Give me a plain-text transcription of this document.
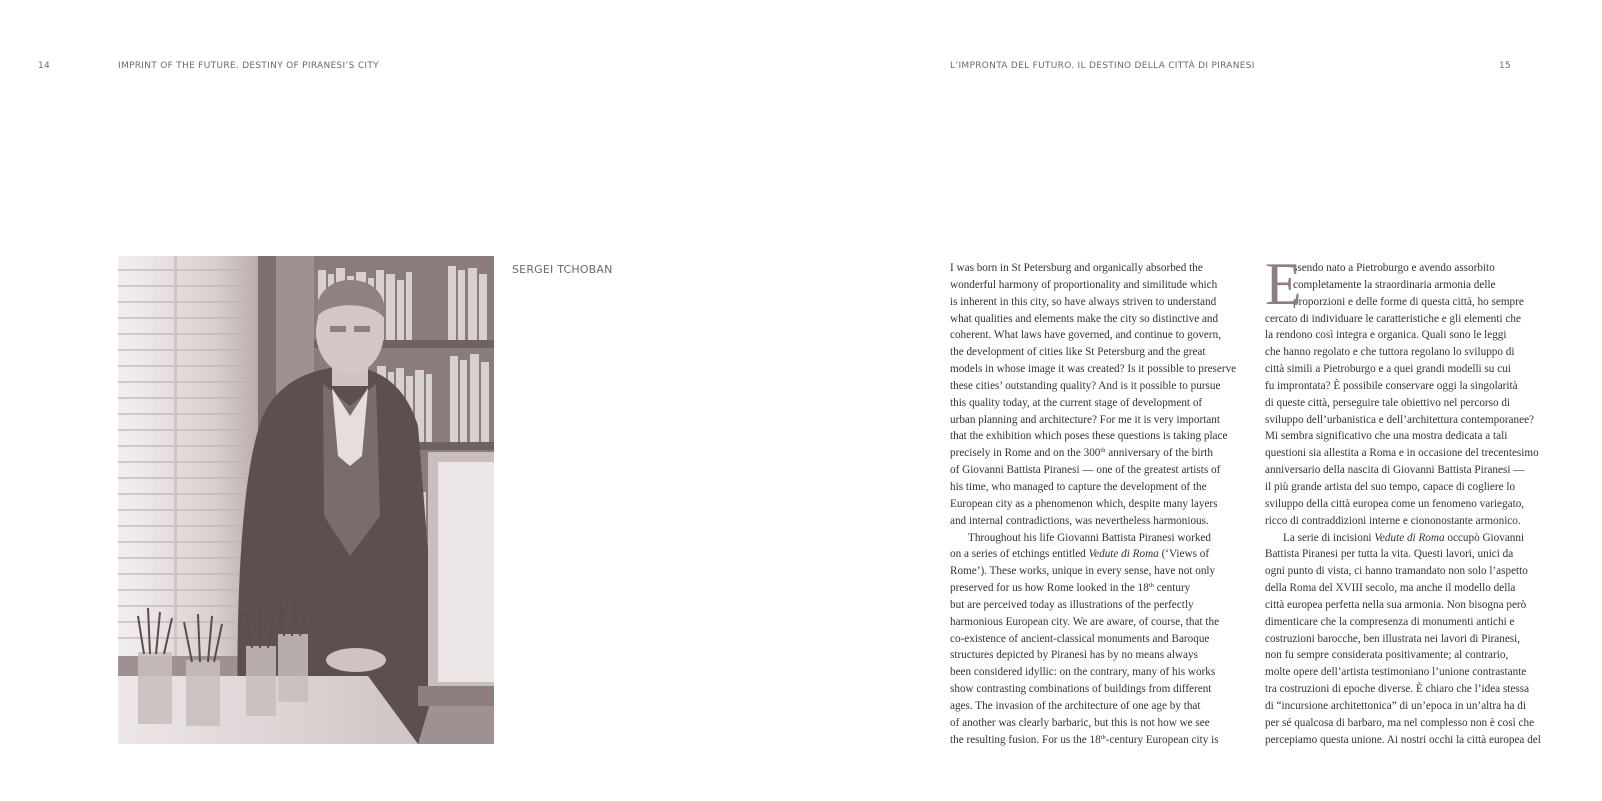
14	IMPRINT OF THE FUTURE. DESTINY OF PIRANESI’S CITY	L’IMPRONTA DEL FUTURO. IL DESTINO DELLA CITTÀ DI PIRANESI	15
SERGEI TCHOBAN	I was born in St Petersburg and organically absorbed the
wonderful harmony of proportionality and similitude which
is inherent in this city, so have always striven to understand
what qualities and elements make the city so distinctive and
coherent. What laws have governed, and continue to govern,
the development of cities like St Petersburg and the great
models in whose image it was created? Is it possible to preserve
these cities’ outstanding quality? And is it possible to pursue
this quality today, at the current stage of development of
urban planning and architecture? For me it is very important
that the exhibition which poses these questions is taking place
precisely in Rome and on the 300th anniversary of the birth
of Giovanni Battista Piranesi — one of the greatest artists of
his time, who managed to capture the development of the
European city as a phenomenon which, despite many layers
and internal contradictions, was nevertheless harmonious.
Throughout his life Giovanni Battista Piranesi worked
on a series of etchings entitled Vedute di Roma (‘Views of
Rome’). These works, unique in every sense, have not only
preserved for us how Rome looked in the 18th century
but are perceived today as illustrations of the perfectly
harmonious European city. We are aware, of course, that the
co-existence of ancient-classical monuments and Baroque
structures depicted by Piranesi has by no means always
been considered idyllic: on the contrary, many of his works
show contrasting combinations of buildings from different
ages. The invasion of the architecture of one age by that
of another was clearly barbaric, but this is not how we see
the resulting fusion. For us the 18th-century European city is
E
ssendo nato a Pietroburgo e avendo assorbito
completamente la straordinaria armonia delle
proporzioni e delle forme di questa città, ho sempre
cercato di individuare le caratteristiche e gli elementi che
la rendono così integra e organica. Quali sono le leggi
che hanno regolato e che tuttora regolano lo sviluppo di
città simili a Pietroburgo e a quei grandi modelli su cui
fu improntata? È possibile conservare oggi la singolarità
di queste città, perseguire tale obiettivo nel percorso di
sviluppo dell’urbanistica e dell’architettura contemporanee?
Mi sembra significativo che una mostra dedicata a tali
questioni sia allestita a Roma e in occasione del trecentesimo
anniversario della nascita di Giovanni Battista Piranesi —
il più grande artista del suo tempo, capace di cogliere lo
sviluppo della città europea come un fenomeno variegato,
ricco di contraddizioni interne e ciononostante armonico.
La serie di incisioni Vedute di Roma occupò Giovanni
Battista Piranesi per tutta la vita. Questi lavori, unici da
ogni punto di vista, ci hanno tramandato non solo l’aspetto
della Roma del XVIII secolo, ma anche il modello della
città europea perfetta nella sua armonia. Non bisogna però
dimenticare che la compresenza di monumenti antichi e
costruzioni barocche, ben illustrata nei lavori di Piranesi,
non fu sempre considerata positivamente; al contrario,
molte opere dell’artista testimoniano l’unione contrastante
tra costruzioni di epoche diverse. È chiaro che l’idea stessa
di “incursione architettonica” di un’epoca in un’altra ha di
per sé qualcosa di barbaro, ma nel complesso non è così che
percepiamo questa unione. Ai nostri occhi la città europea del
